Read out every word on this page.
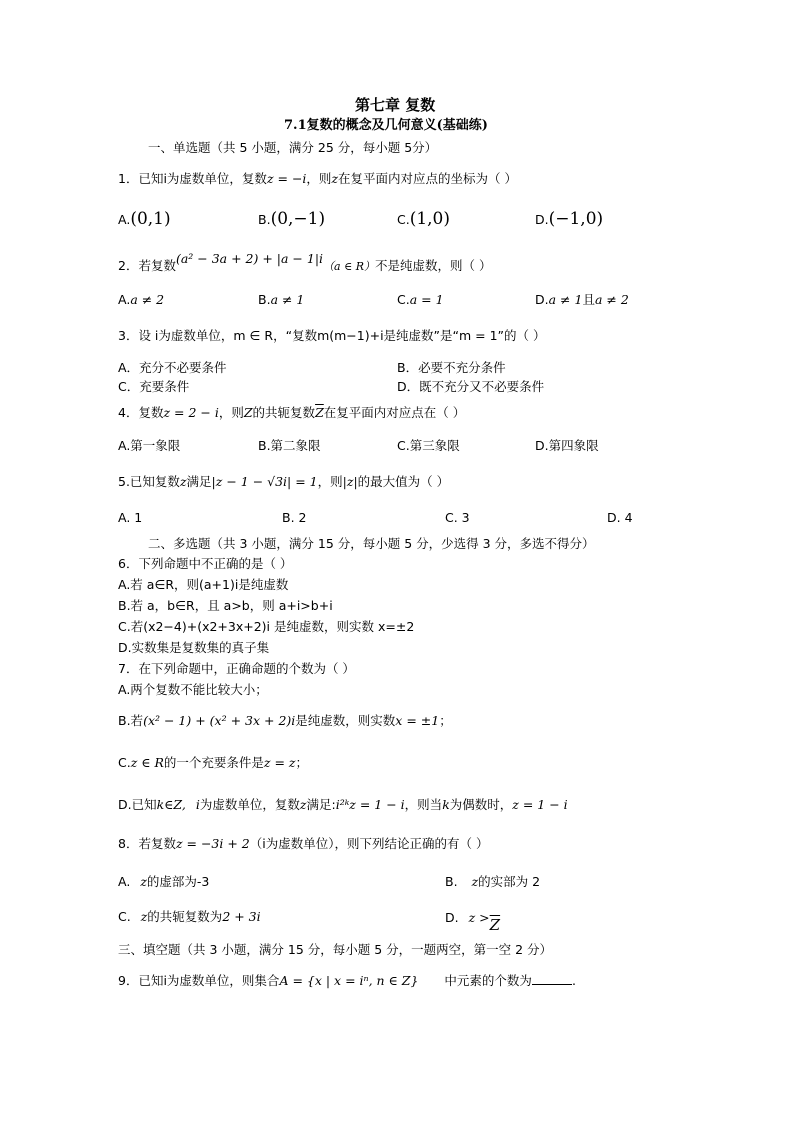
第七章 复数
7.1复数的概念及几何意义(基础练)
一、单选题（共 5 小题，满分 25 分，每小题 5分）
1．已知i为虚数单位，复数z = −i，则z在复平面内对应点的坐标为（ ）
A.(0,1)	B.(0,−1)	C.(1,0)	D.(−1,0)
2．若复数(a² − 3a + 2) + |a − 1|i（a ∈ R）不是纯虚数，则（ ）
A.a ≠ 2	B.a ≠ 1	C.a = 1	D.a ≠ 1且a ≠ 2
3．设 i为虚数单位，m ∈ R，“复数m(m−1)+i是纯虚数”是“m = 1”的（ ）
A．充分不必要条件	B．必要不充分条件
C．充要条件	D．既不充分又不必要条件
4．复数z = 2 − i，则Z的共轭复数$\overline{Z}$在复平面内对应点在（ ）
A.第一象限	B.第二象限	C.第三象限	D.第四象限
5.已知复数z满足|z − 1 − √3i| = 1，则|z|的最大值为（ ）
A. 1	B. 2	C. 3	D. 4
二、多选题（共 3 小题，满分 15 分，每小题 5 分，少选得 3 分，多选不得分）
6．下列命题中不正确的是（ ）
A.若 a∈R，则(a+1)i是纯虚数
B.若 a，b∈R，且 a>b，则 a+i>b+i
C.若(x2−4)+(x2+3x+2)i 是纯虚数，则实数 x=±2
D.实数集是复数集的真子集
7．在下列命题中，正确命题的个数为（ ）
A.两个复数不能比较大小；
B.若(x² − 1) + (x² + 3x + 2)i是纯虚数，则实数x = ±1；
C.z ∈ R的一个充要条件是z = z；
D.已知k∈Z, i为虚数单位，复数z满足:i²ᵏz = 1 − i，则当k为偶数时，z = 1 − i
8．若复数z = −3i + 2（i为虚数单位），则下列结论正确的有（ ）
A. z的虚部为-3	B. z的实部为 2
C. z的共轭复数为2 + 3i	D. $z >\overline{Z}$
三、填空题（共 3 小题，满分 15 分，每小题 5 分，一题两空，第一空 2 分）
9．已知i为虚数单位，则集合A = {x | x = iⁿ, n ∈ Z} 中元素的个数为	.
